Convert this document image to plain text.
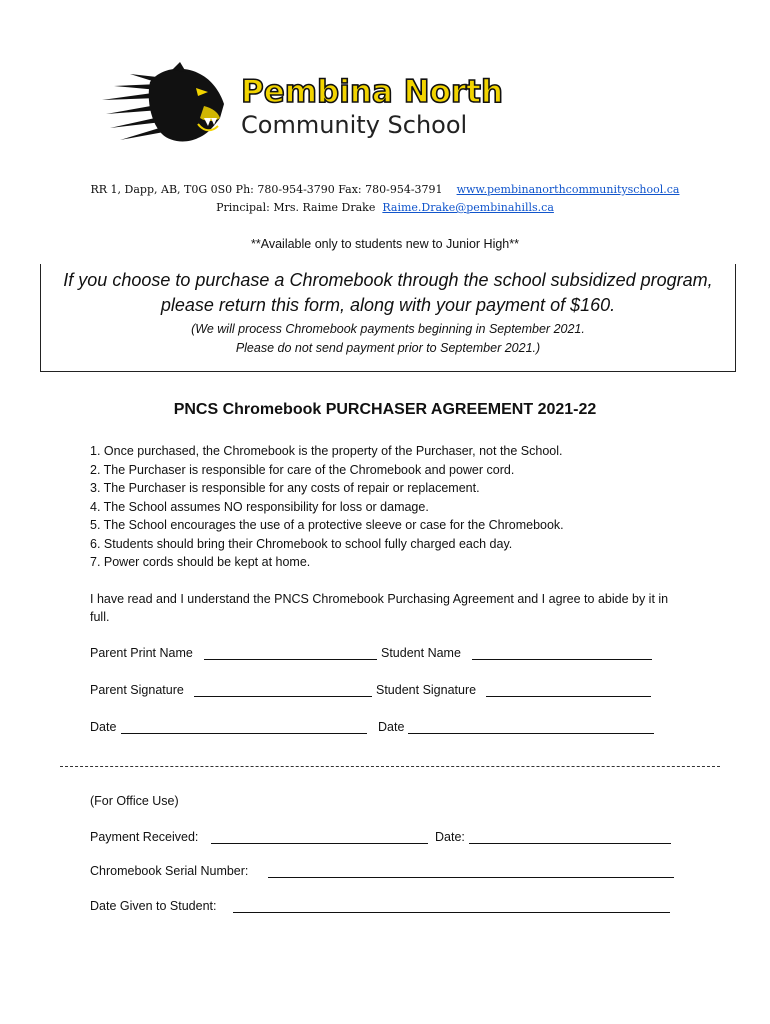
Pembina North
Community School
RR 1, Dapp, AB, T0G 0S0 Ph: 780-954-3790 Fax: 780-954-3791 www.pembinanorthcommunityschool.ca
Principal: Mrs. Raime Drake Raime.Drake@pembinahills.ca
**Available only to students new to Junior High**
If you choose to purchase a Chromebook through the school subsidized program,
please return this form, along with your payment of $160.
(We will process Chromebook payments beginning in September 2021.
Please do not send payment prior to September 2021.)
PNCS Chromebook PURCHASER AGREEMENT 2021-22
1. Once purchased, the Chromebook is the property of the Purchaser, not the School.
2. The Purchaser is responsible for care of the Chromebook and power cord.
3. The Purchaser is responsible for any costs of repair or replacement.
4. The School assumes NO responsibility for loss or damage.
5. The School encourages the use of a protective sleeve or case for the Chromebook.
6. Students should bring their Chromebook to school fully charged each day.
7. Power cords should be kept at home.
I have read and I understand the PNCS Chromebook Purchasing Agreement and I agree to abide by it in full.
Parent Print Name	Student Name
Parent Signature	Student Signature
Date	Date
(For Office Use)
Payment Received:	Date:
Chromebook Serial Number:
Date Given to Student:
